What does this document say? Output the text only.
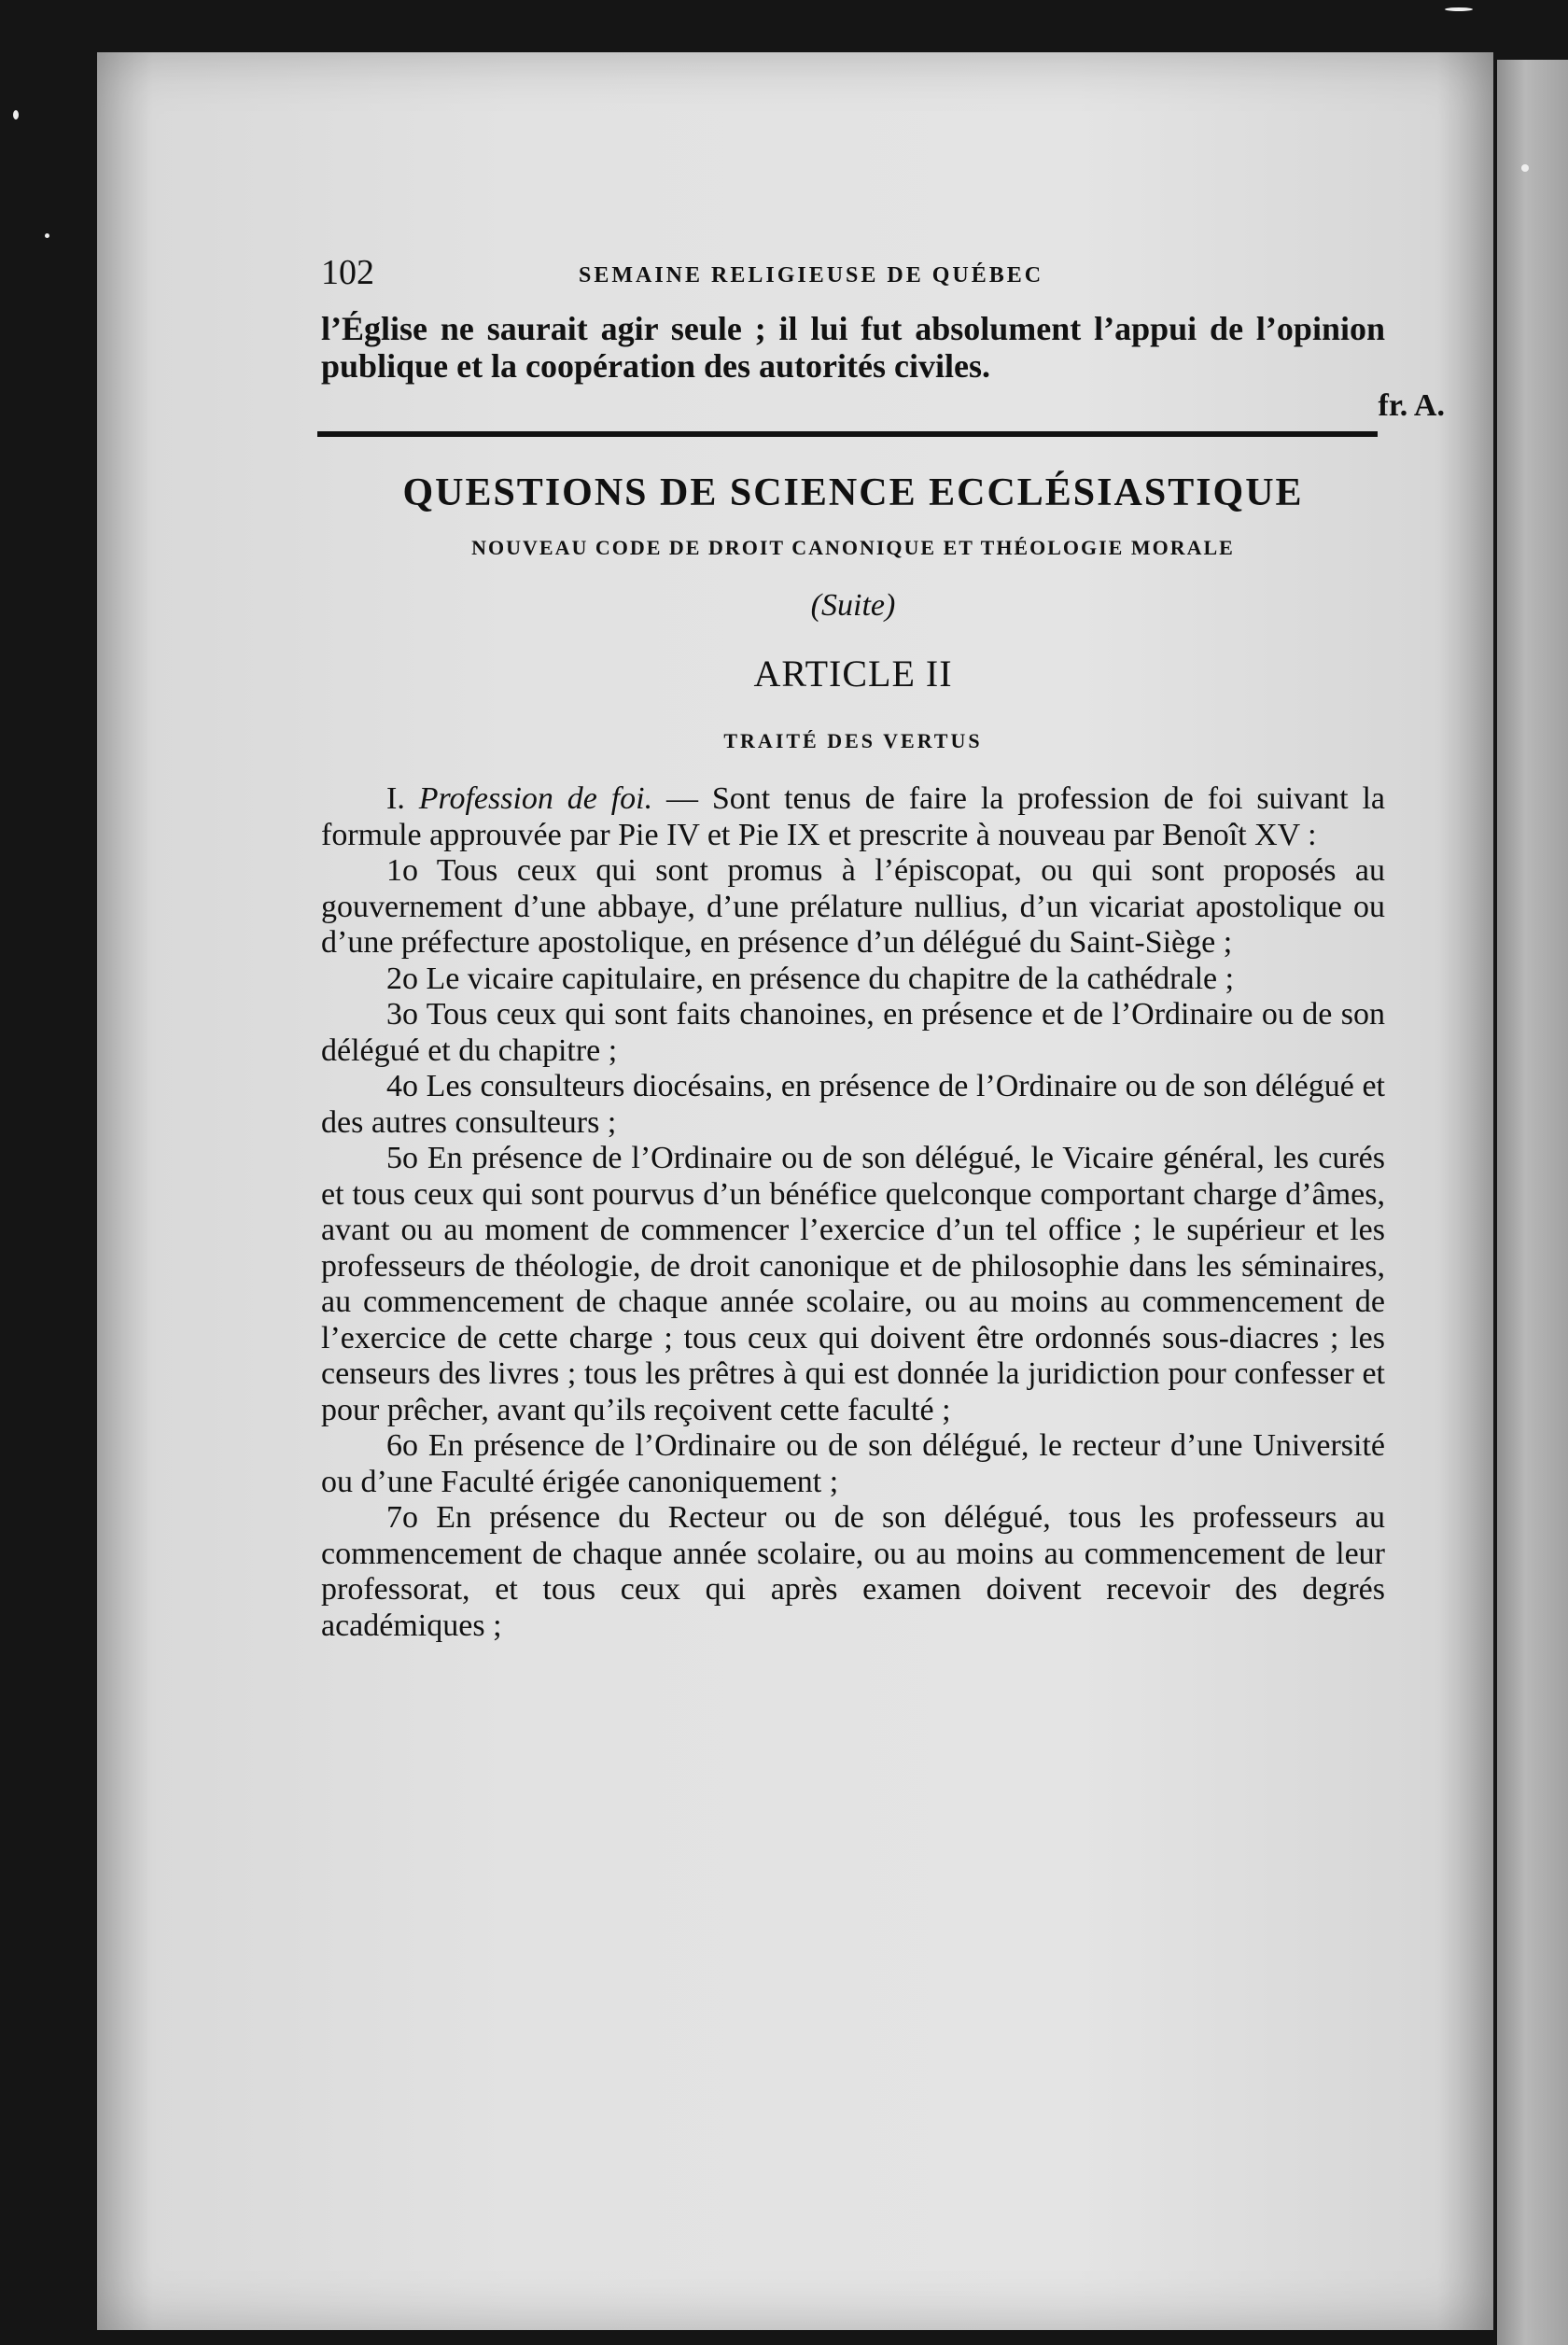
102	SEMAINE RELIGIEUSE DE QUÉBEC

l’Église ne saurait agir seule ; il lui fut absolument l’appui de l’opinion publique et la coopération des autorités civiles.

fr. A.
QUESTIONS DE SCIENCE ECCLÉSIASTIQUE
NOUVEAU CODE DE DROIT CANONIQUE ET THÉOLOGIE MORALE
(Suite)
ARTICLE II
TRAITÉ DES VERTUS

I. Profession de foi. — Sont tenus de faire la profession de foi suivant la formule approuvée par Pie IV et Pie IX et prescrite à nouveau par Benoît XV :

1o Tous ceux qui sont promus à l’épiscopat, ou qui sont proposés au gouvernement d’une abbaye, d’une prélature nullius, d’un vicariat apostolique ou d’une préfecture apostolique, en présence d’un délégué du Saint-Siège ;

2o Le vicaire capitulaire, en présence du chapitre de la cathédrale ;

3o Tous ceux qui sont faits chanoines, en présence et de l’Ordinaire ou de son délégué et du chapitre ;

4o Les consulteurs diocésains, en présence de l’Ordinaire ou de son délégué et des autres consulteurs ;

5o En présence de l’Ordinaire ou de son délégué, le Vicaire général, les curés et tous ceux qui sont pourvus d’un bénéfice quelconque comportant charge d’âmes, avant ou au moment de commencer l’exercice d’un tel office ; le supérieur et les professeurs de théologie, de droit canonique et de philosophie dans les séminaires, au commencement de chaque année scolaire, ou au moins au commencement de l’exercice de cette charge ; tous ceux qui doivent être ordonnés sous-diacres ; les censeurs des livres ; tous les prêtres à qui est donnée la juridiction pour confesser et pour prêcher, avant qu’ils reçoivent cette faculté ;

6o En présence de l’Ordinaire ou de son délégué, le recteur d’une Université ou d’une Faculté érigée canoniquement ;

7o En présence du Recteur ou de son délégué, tous les professeurs au commencement de chaque année scolaire, ou au moins au commencement de leur professorat, et tous ceux qui après examen doivent recevoir des degrés académiques ;
